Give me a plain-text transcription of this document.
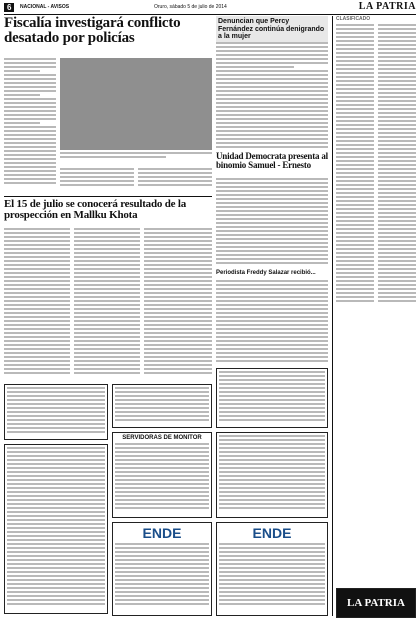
6	NACIONAL - AVISOS	Oruro, sábado 5 de julio de 2014	LA PATRIA
Fiscalía investigará conflicto desatado por policías
Denuncian que Percy Fernández continúa denigrando a la mujer
Unidad Democrata presenta al binomio Samuel - Ernesto
El 15 de julio se conocerá resultado de la prospección en Mallku Khota
Periodista Freddy Salazar recibió...
SERVIDORAS DE MONITOR
ENDE	ENDE
CLASIFICADO
LA PATRIA
